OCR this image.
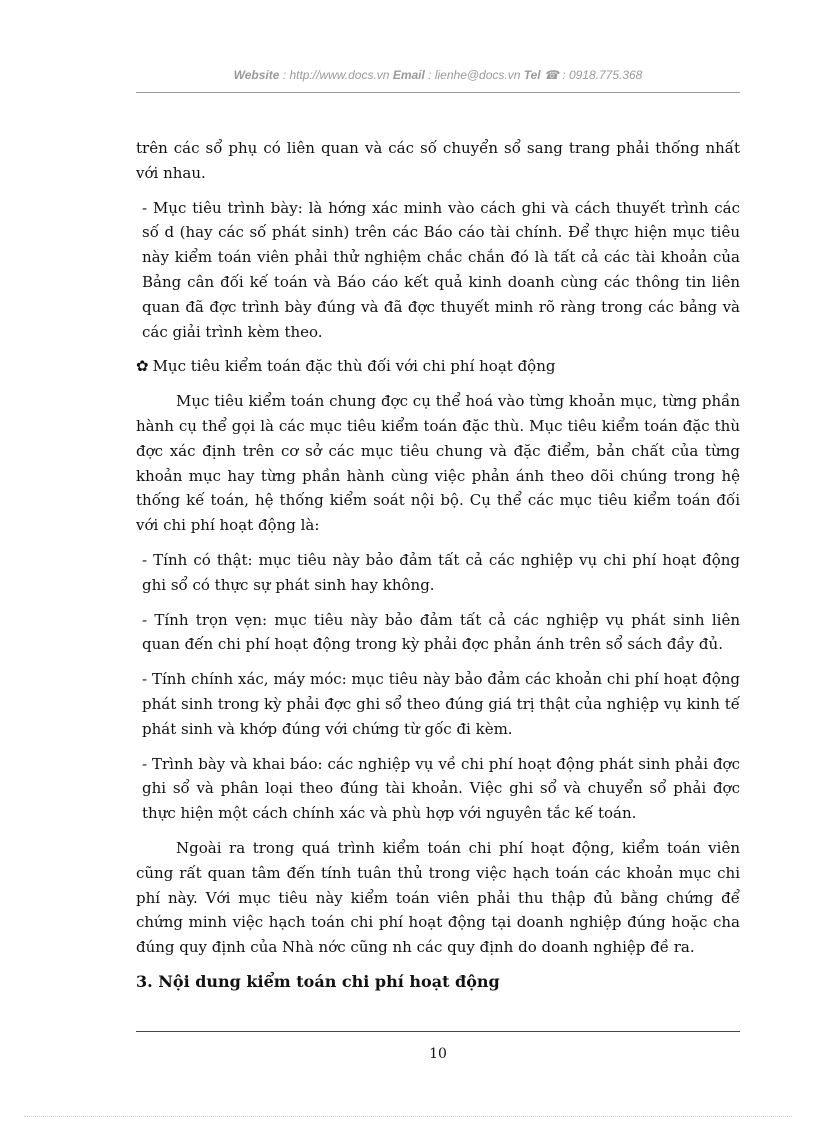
Website : http://www.docs.vn Email : lienhe@docs.vn Tel ☎ : 0918.775.368

trên các sổ phụ có liên quan và các số chuyển sổ sang trang phải thống nhất với nhau.

- Mục tiêu trình bày: là hớng xác minh vào cách ghi và cách thuyết trình các số d (hay các số phát sinh) trên các Báo cáo tài chính. Để thực hiện mục tiêu này kiểm toán viên phải thử nghiệm chắc chắn đó là tất cả các tài khoản của Bảng cân đối kế toán và Báo cáo kết quả kinh doanh cùng các thông tin liên quan đã đợc trình bày đúng và đã đợc thuyết minh rõ ràng trong các bảng và các giải trình kèm theo.

✿ Mục tiêu kiểm toán đặc thù đối với chi phí hoạt động

Mục tiêu kiểm toán chung đợc cụ thể hoá vào từng khoản mục, từng phần hành cụ thể gọi là các mục tiêu kiểm toán đặc thù. Mục tiêu kiểm toán đặc thù đợc xác định trên cơ sở các mục tiêu chung và đặc điểm, bản chất của từng khoản mục hay từng phần hành cùng việc phản ánh theo dõi chúng trong hệ thống kế toán, hệ thống kiểm soát nội bộ. Cụ thể các mục tiêu kiểm toán đối với chi phí hoạt động là:

- Tính có thật: mục tiêu này bảo đảm tất cả các nghiệp vụ chi phí hoạt động ghi sổ có thực sự phát sinh hay không.

- Tính trọn vẹn: mục tiêu này bảo đảm tất cả các nghiệp vụ phát sinh liên quan đến chi phí hoạt động trong kỳ phải đợc phản ánh trên sổ sách đầy đủ.

- Tính chính xác, máy móc: mục tiêu này bảo đảm các khoản chi phí hoạt động phát sinh trong kỳ phải đợc ghi sổ theo đúng giá trị thật của nghiệp vụ kinh tế phát sinh và khớp đúng với chứng từ gốc đi kèm.

- Trình bày và khai báo: các nghiệp vụ về chi phí hoạt động phát sinh phải đợc ghi sổ và phân loại theo đúng tài khoản. Việc ghi sổ và chuyển sổ phải đợc thực hiện một cách chính xác và phù hợp với nguyên tắc kế toán.

Ngoài ra trong quá trình kiểm toán chi phí hoạt động, kiểm toán viên cũng rất quan tâm đến tính tuân thủ trong việc hạch toán các khoản mục chi phí này. Với mục tiêu này kiểm toán viên phải thu thập đủ bằng chứng để chứng minh việc hạch toán chi phí hoạt động tại doanh nghiệp đúng hoặc cha đúng quy định của Nhà nớc cũng nh các quy định do doanh nghiệp đề ra.

3. Nội dung kiểm toán chi phí hoạt động
10
